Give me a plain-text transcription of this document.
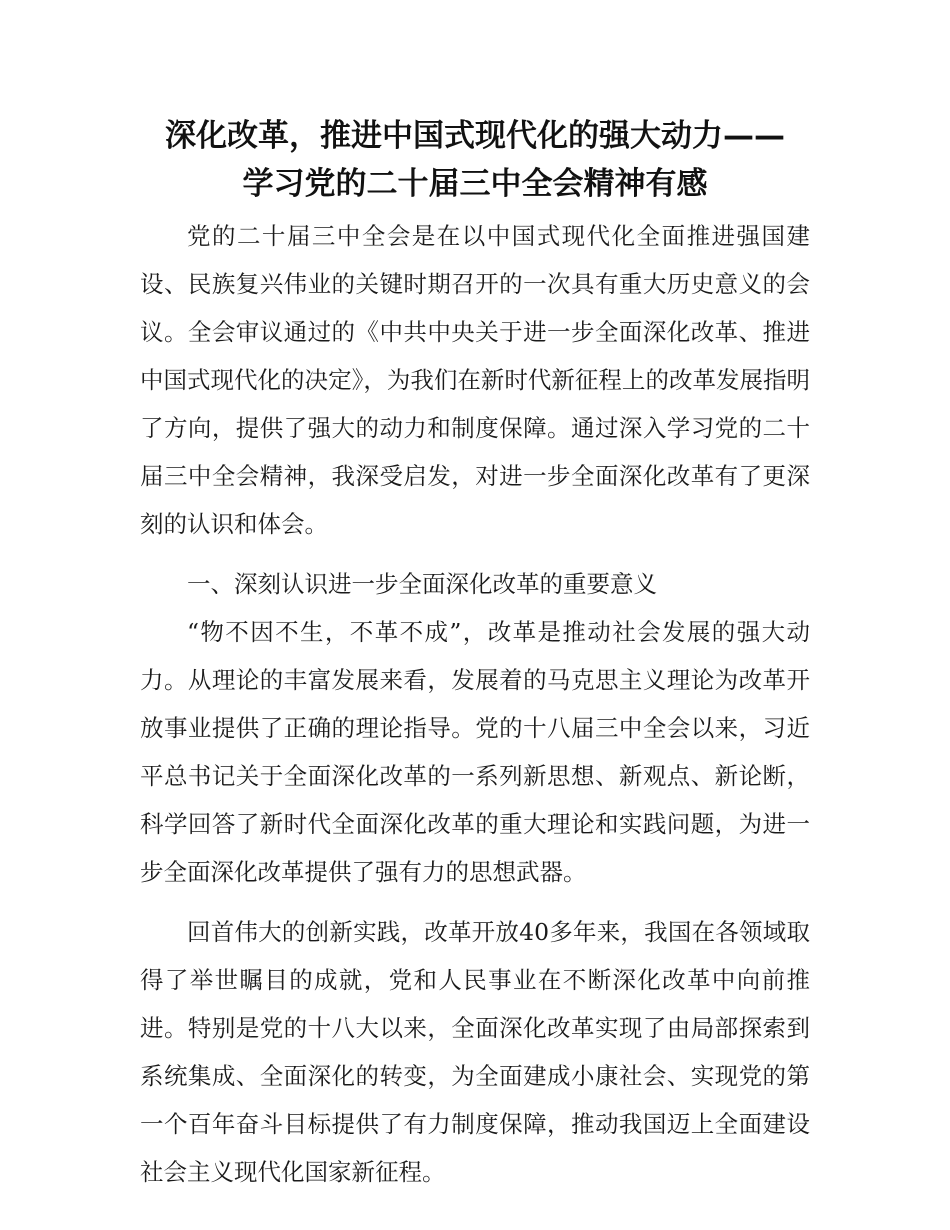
深化改革，推进中国式现代化的强大动力——
学习党的二十届三中全会精神有感

党的二十届三中全会是在以中国式现代化全面推进强国建设、民族复兴伟业的关键时期召开的一次具有重大历史意义的会议。全会审议通过的《中共中央关于进一步全面深化改革、推进中国式现代化的决定》，为我们在新时代新征程上的改革发展指明了方向，提供了强大的动力和制度保障。通过深入学习党的二十届三中全会精神，我深受启发，对进一步全面深化改革有了更深刻的认识和体会。

一、深刻认识进一步全面深化改革的重要意义

“物不因不生，不革不成”，改革是推动社会发展的强大动力。从理论的丰富发展来看，发展着的马克思主义理论为改革开放事业提供了正确的理论指导。党的十八届三中全会以来，习近平总书记关于全面深化改革的一系列新思想、新观点、新论断，科学回答了新时代全面深化改革的重大理论和实践问题，为进一步全面深化改革提供了强有力的思想武器。

回首伟大的创新实践，改革开放40多年来，我国在各领域取得了举世瞩目的成就，党和人民事业在不断深化改革中向前推进。特别是党的十八大以来，全面深化改革实现了由局部探索到系统集成、全面深化的转变，为全面建成小康社会、实现党的第一个百年奋斗目标提供了有力制度保障，推动我国迈上全面建设社会主义现代化国家新征程。
